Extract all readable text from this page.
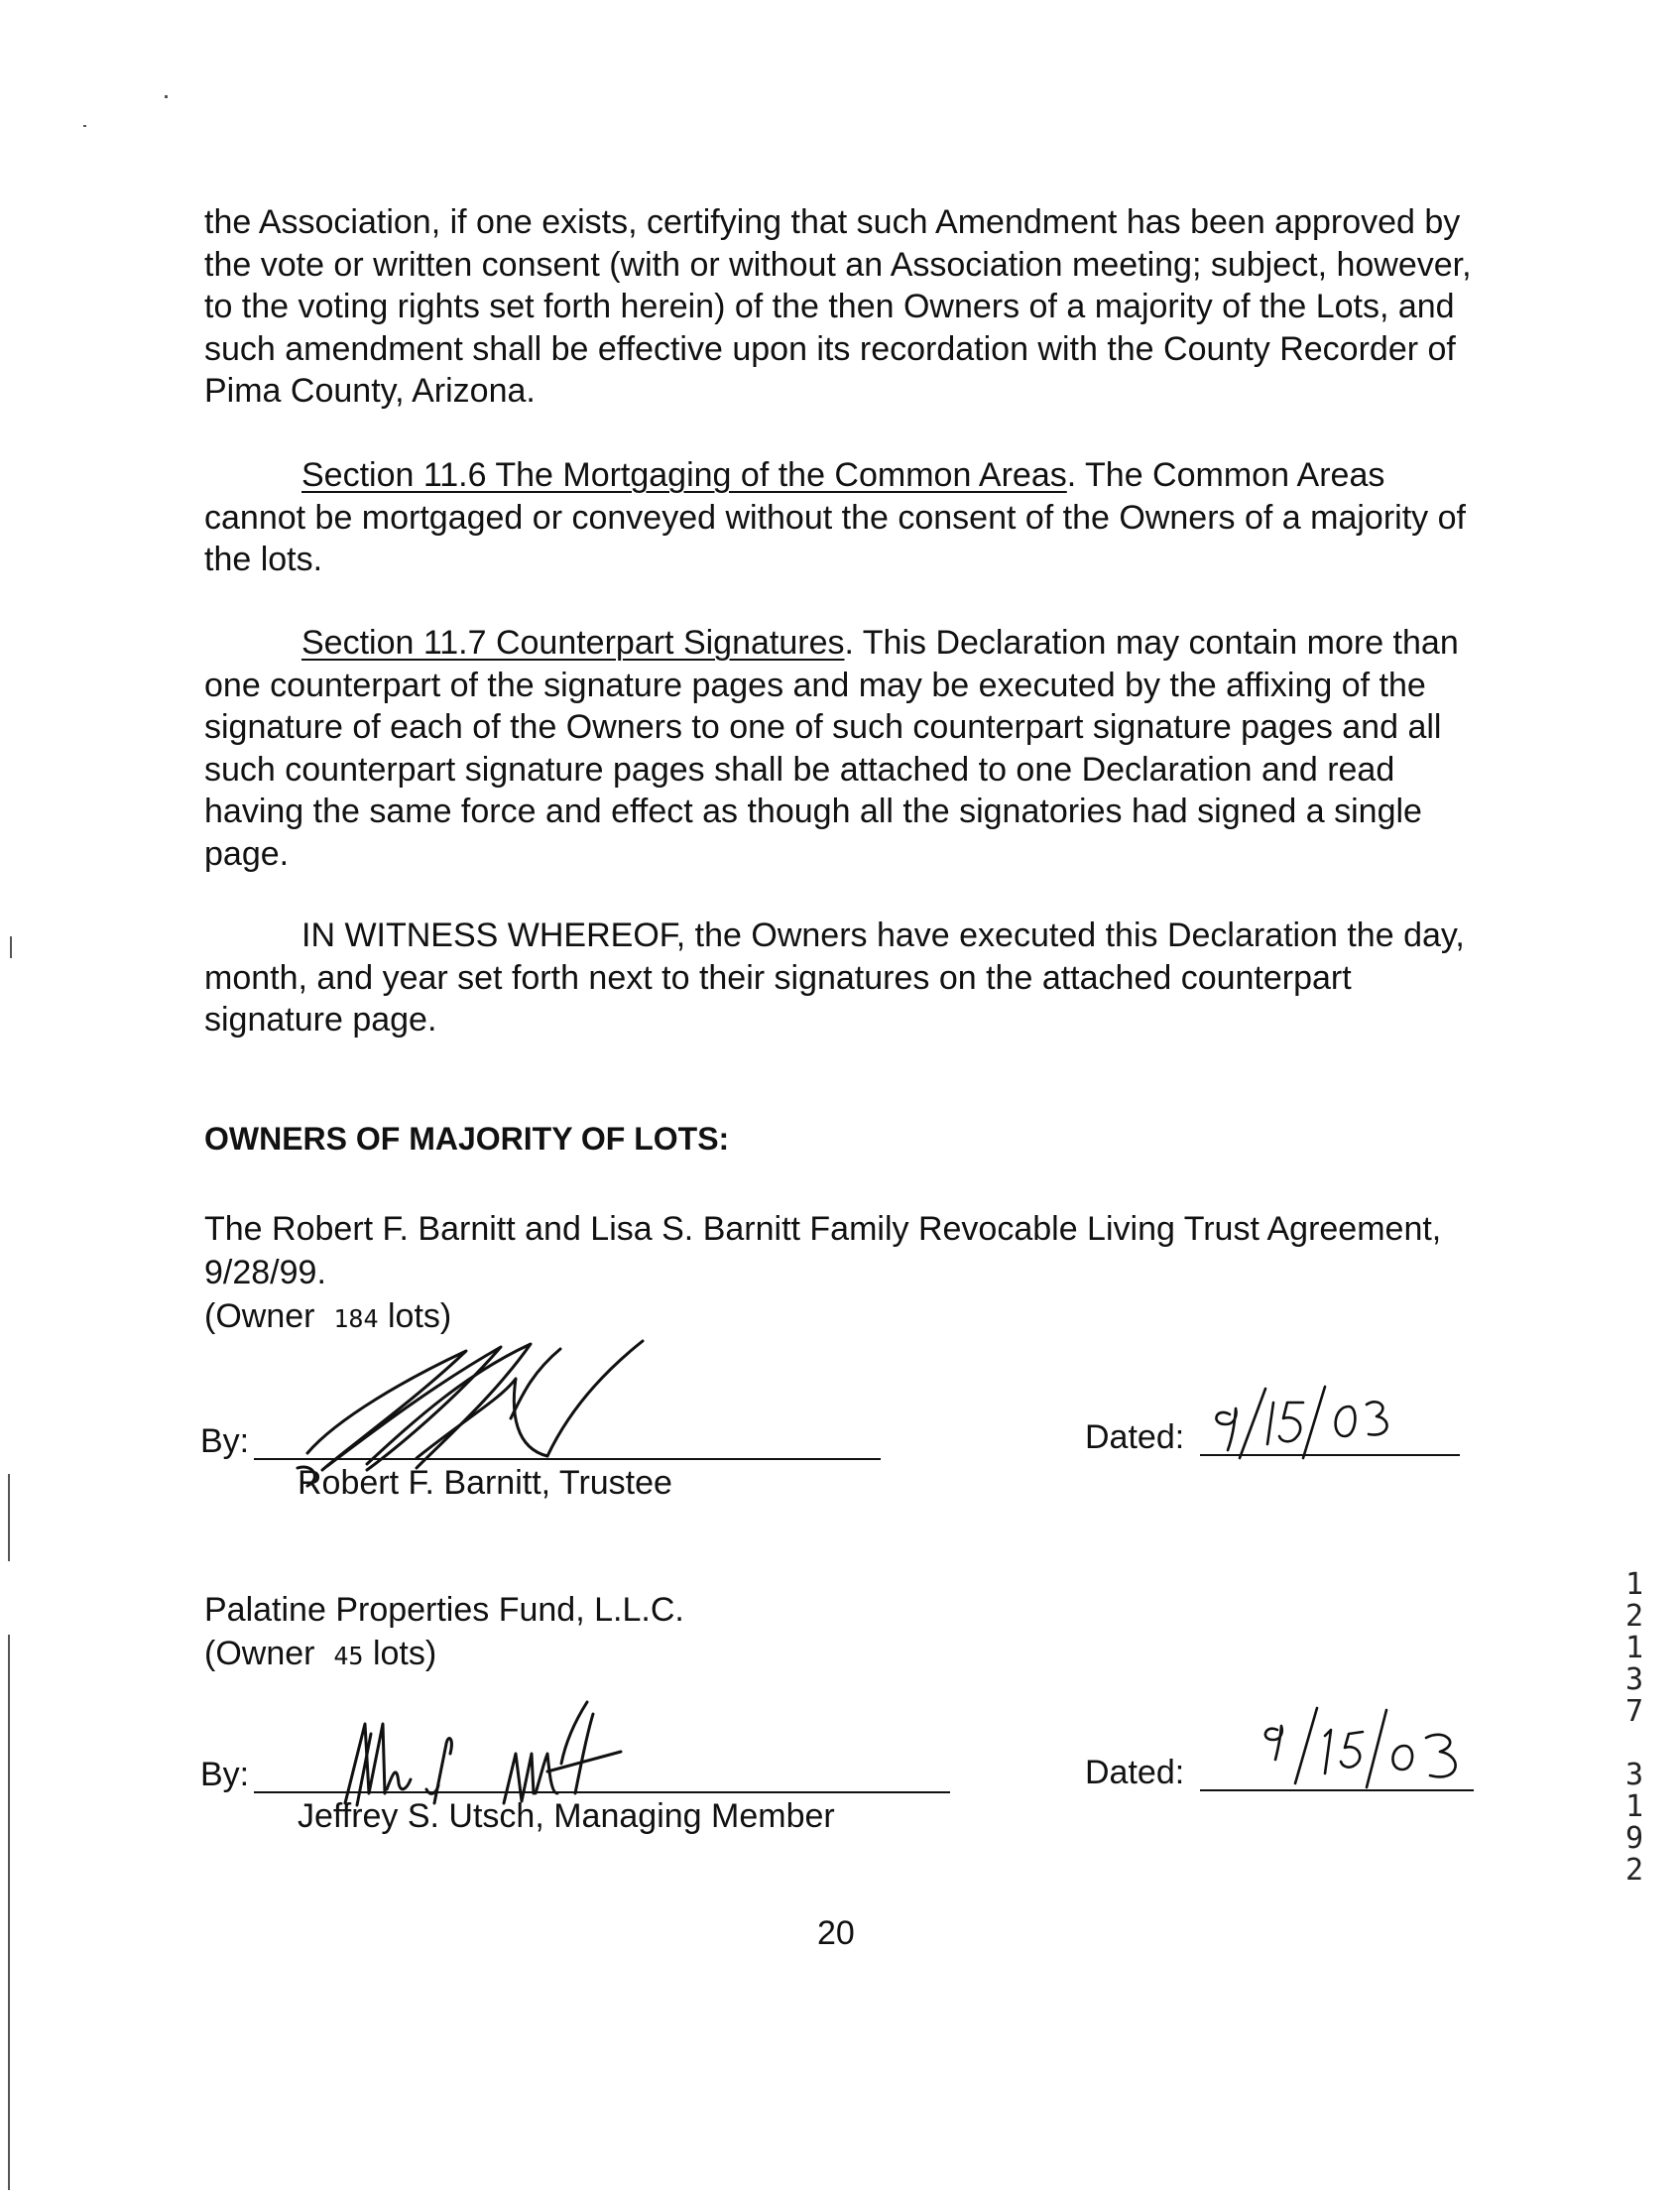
the Association, if one exists, certifying that such Amendment has been approved by the vote or written consent (with or without an Association meeting; subject, however, to the voting rights set forth herein) of the then Owners of a majority of the Lots, and such amendment shall be effective upon its recordation with the County Recorder of Pima County, Arizona.

Section 11.6 The Mortgaging of the Common Areas. The Common Areas cannot be mortgaged or conveyed without the consent of the Owners of a majority of the lots.

Section 11.7 Counterpart Signatures. This Declaration may contain more than one counterpart of the signature pages and may be executed by the affixing of the signature of each of the Owners to one of such counterpart signature pages and all such counterpart signature pages shall be attached to one Declaration and read having the same force and effect as though all the signatories had signed a single page.

IN WITNESS WHEREOF, the Owners have executed this Declaration the day, month, and year set forth next to their signatures on the attached counterpart signature page.

OWNERS OF MAJORITY OF LOTS:

The Robert F. Barnitt and Lisa S. Barnitt Family Revocable Living Trust Agreement,
9/28/99.
(Owner 184 lots)
By:
Robert F. Barnitt, Trustee
Dated:
Palatine Properties Fund, L.L.C.
(Owner 45 lots)
By:
Jeffrey S. Utsch, Managing Member
Dated:
20
1
2
1
3
7
3
1
9
2
